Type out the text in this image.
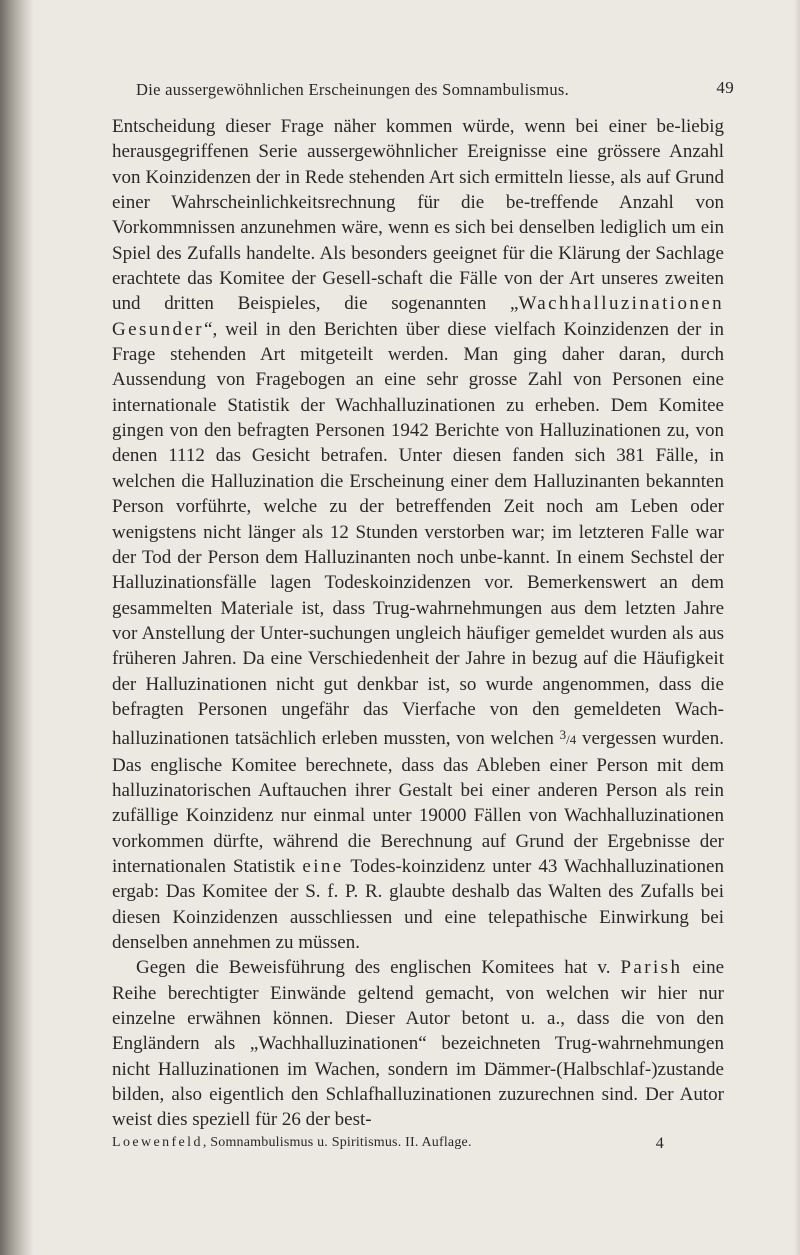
Die aussergewöhnlichen Erscheinungen des Somnambulismus.	49

Entscheidung dieser Frage näher kommen würde, wenn bei einer be-liebig herausgegriffenen Serie aussergewöhnlicher Ereignisse eine grössere Anzahl von Koinzidenzen der in Rede stehenden Art sich ermitteln liesse, als auf Grund einer Wahrscheinlichkeitsrechnung für die be-treffende Anzahl von Vorkommnissen anzunehmen wäre, wenn es sich bei denselben lediglich um ein Spiel des Zufalls handelte. Als besonders geeignet für die Klärung der Sachlage erachtete das Komitee der Gesell-schaft die Fälle von der Art unseres zweiten und dritten Beispieles, die sogenannten „Wachhalluzinationen Gesunder“, weil in den Berichten über diese vielfach Koinzidenzen der in Frage stehenden Art mitgeteilt werden. Man ging daher daran, durch Aussendung von Fragebogen an eine sehr grosse Zahl von Personen eine internationale Statistik der Wachhalluzinationen zu erheben. Dem Komitee gingen von den befragten Personen 1942 Berichte von Halluzinationen zu, von denen 1112 das Gesicht betrafen. Unter diesen fanden sich 381 Fälle, in welchen die Halluzination die Erscheinung einer dem Halluzinanten bekannten Person vorführte, welche zu der betreffenden Zeit noch am Leben oder wenigstens nicht länger als 12 Stunden verstorben war; im letzteren Falle war der Tod der Person dem Halluzinanten noch unbe-kannt. In einem Sechstel der Halluzinationsfälle lagen Todeskoinzidenzen vor. Bemerkenswert an dem gesammelten Materiale ist, dass Trug-wahrnehmungen aus dem letzten Jahre vor Anstellung der Unter-suchungen ungleich häufiger gemeldet wurden als aus früheren Jahren. Da eine Verschiedenheit der Jahre in bezug auf die Häufigkeit der Halluzinationen nicht gut denkbar ist, so wurde angenommen, dass die befragten Personen ungefähr das Vierfache von den gemeldeten Wach-halluzinationen tatsächlich erleben mussten, von welchen $^3$/4 vergessen wurden. Das englische Komitee berechnete, dass das Ableben einer Person mit dem halluzinatorischen Auftauchen ihrer Gestalt bei einer anderen Person als rein zufällige Koinzidenz nur einmal unter 19000 Fällen von Wachhalluzinationen vorkommen dürfte, während die Berechnung auf Grund der Ergebnisse der internationalen Statistik eine Todes-koinzidenz unter 43 Wachhalluzinationen ergab: Das Komitee der S. f. P. R. glaubte deshalb das Walten des Zufalls bei diesen Koinzidenzen ausschliessen und eine telepathische Einwirkung bei denselben annehmen zu müssen.

Gegen die Beweisführung des englischen Komitees hat v. Parish eine Reihe berechtigter Einwände geltend gemacht, von welchen wir hier nur einzelne erwähnen können. Dieser Autor betont u. a., dass die von den Engländern als „Wachhalluzinationen“ bezeichneten Trug-wahrnehmungen nicht Halluzinationen im Wachen, sondern im Dämmer-(Halbschlaf-)zustande bilden, also eigentlich den Schlafhalluzinationen zuzurechnen sind. Der Autor weist dies speziell für 26 der best-

Loewenfeld, Somnambulismus u. Spiritismus. II. Auflage.	4
